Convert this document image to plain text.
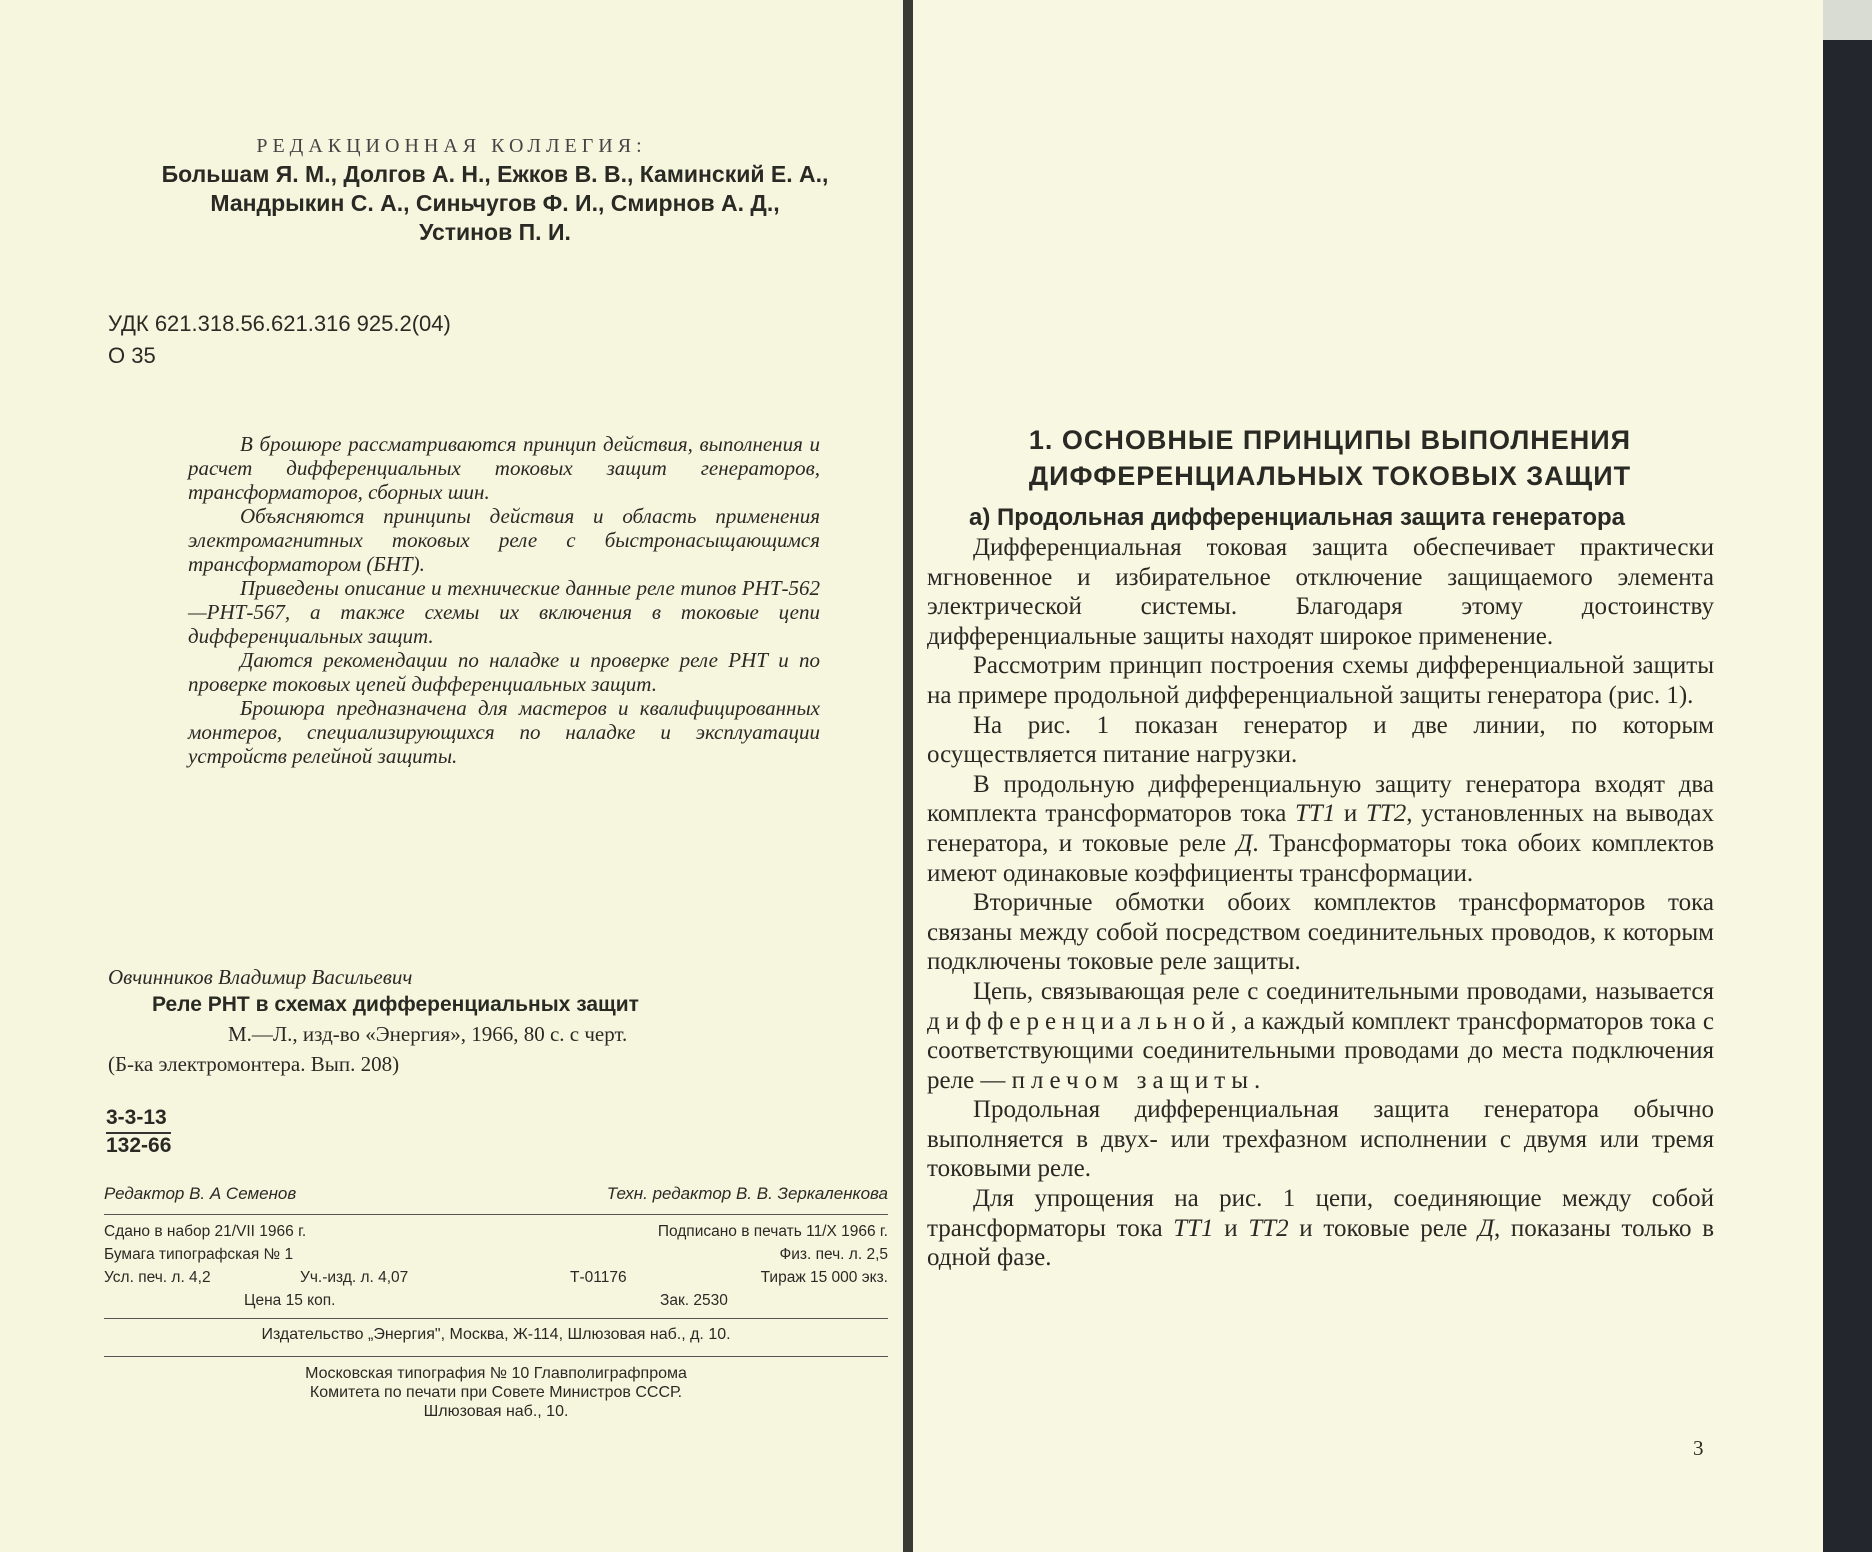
РЕДАКЦИОННАЯ КОЛЛЕГИЯ:
Большам Я. М., Долгов А. Н., Ежков В. В., Каминский Е. А.,
Мандрыкин С. А., Синьчугов Ф. И., Смирнов А. Д.,
Устинов П. И.
УДК 621.318.56.621.316 925.2(04)
О 35

В брошюре рассматриваются принцип действия, выполнения и расчет дифференциальных токовых защит генераторов, трансформаторов, сборных шин.

Объясняются принципы действия и область применения электромагнитных токовых реле с быстронасыщающимся трансформатором (БНТ).

Приведены описание и технические данные реле типов РНТ-562—РНТ-567, а также схемы их включения в токовые цепи дифференциальных защит.

Даются рекомендации по наладке и проверке реле РНТ и по проверке токовых цепей дифференциальных защит.

Брошюра предназначена для мастеров и квалифицированных монтеров, специализирующихся по наладке и эксплуатации устройств релейной защиты.

Овчинников Владимир Васильевич
Реле РНТ в схемах дифференциальных защит
М.—Л., изд-во «Энергия», 1966, 80 с. с черт.
(Б-ка электромонтера. Вып. 208)
3-3-13
132-66
Редактор В. А Семенов	Техн. редактор В. В. Зеркаленкова
Сдано в набор 21/VII 1966 г.	Подписано в печать 11/X 1966 г.
Бумага типографская № 1	Физ. печ. л. 2,5
Усл. печ. л. 4,2	Уч.-изд. л. 4,07	Т-01176	Тираж 15 000 экз.
Цена 15 коп.	Зак. 2530
Издательство „Энергия", Москва, Ж-114, Шлюзовая наб., д. 10.
Московская типография № 10 Главполиграфпрома
Комитета по печати при Совете Министров СССР.
Шлюзовая наб., 10.
1. ОСНОВНЫЕ ПРИНЦИПЫ ВЫПОЛНЕНИЯ
ДИФФЕРЕНЦИАЛЬНЫХ ТОКОВЫХ ЗАЩИТ
а) Продольная дифференциальная защита генератора

Дифференциальная токовая защита обеспечивает практически мгновенное и избирательное отключение защищаемого элемента электрической системы. Благодаря этому достоинству дифференциальные защиты находят широкое применение.

Рассмотрим принцип построения схемы дифференциальной защиты на примере продольной дифференциальной защиты генератора (рис. 1).

На рис. 1 показан генератор и две линии, по которым осуществляется питание нагрузки.

В продольную дифференциальную защиту генератора входят два комплекта трансформаторов тока ТТ1 и ТТ2, установленных на выводах генератора, и токовые реле Д. Трансформаторы тока обоих комплектов имеют одинаковые коэффициенты трансформации.

Вторичные обмотки обоих комплектов трансформаторов тока связаны между собой посредством соединительных проводов, к которым подключены токовые реле защиты.

Цепь, связывающая реле с соединительными проводами, называется дифференциальной, а каждый комплект трансформаторов тока с соответствующими соединительными проводами до места подключения реле — плечом защиты.

Продольная дифференциальная защита генератора обычно выполняется в двух- или трехфазном исполнении с двумя или тремя токовыми реле.

Для упрощения на рис. 1 цепи, соединяющие между собой трансформаторы тока ТТ1 и ТТ2 и токовые реле Д, показаны только в одной фазе.

3
